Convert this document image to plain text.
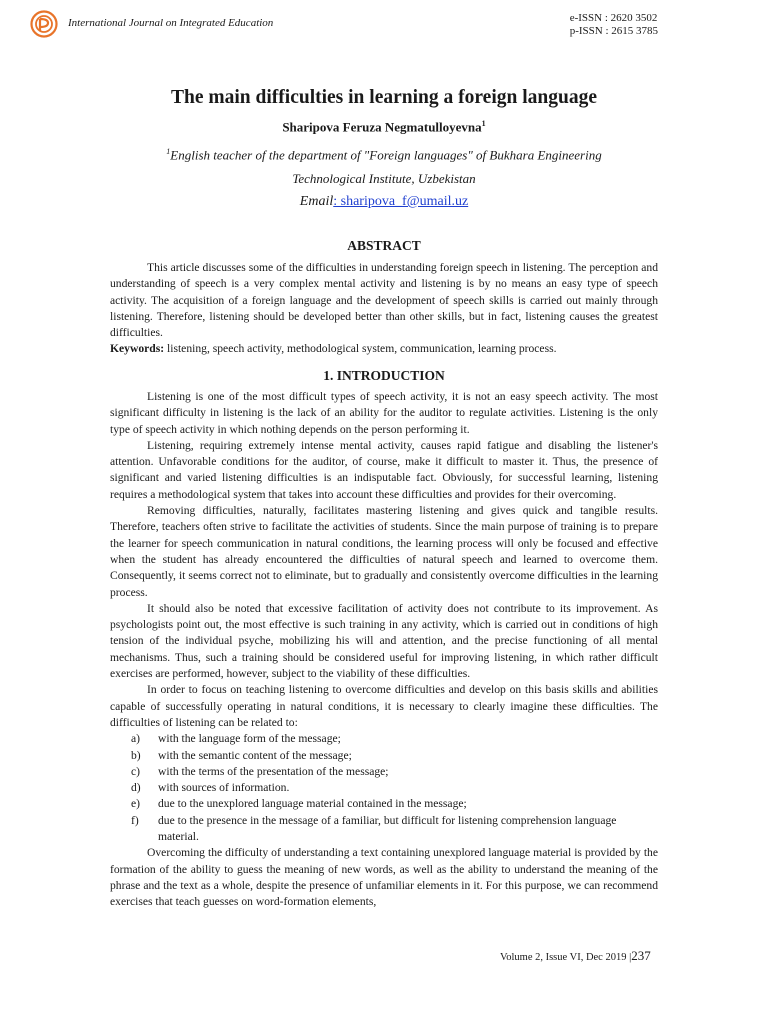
International Journal on Integrated Education	e-ISSN : 2620 3502
p-ISSN : 2615 3785
The main difficulties in learning a foreign language
Sharipova Feruza Negmatulloyevna$^1$
$^1$English teacher of the department of "Foreign languages" of Bukhara Engineering
Technological Institute, Uzbekistan
Email: sharipova_f@umail.uz
ABSTRACT

This article discusses some of the difficulties in understanding foreign speech in listening. The perception and understanding of speech is a very complex mental activity and listening is by no means an easy type of speech activity. The acquisition of a foreign language and the development of speech skills is carried out mainly through listening. Therefore, listening should be developed better than other skills, but in fact, listening causes the greatest difficulties.

Keywords: listening, speech activity, methodological system, communication, learning process.

1. INTRODUCTION

Listening is one of the most difficult types of speech activity, it is not an easy speech activity. The most significant difficulty in listening is the lack of an ability for the auditor to regulate activities. Listening is the only type of speech activity in which nothing depends on the person performing it.

Listening, requiring extremely intense mental activity, causes rapid fatigue and disabling the listener's attention. Unfavorable conditions for the auditor, of course, make it difficult to master it. Thus, the presence of significant and varied listening difficulties is an indisputable fact. Obviously, for successful learning, listening requires a methodological system that takes into account these difficulties and provides for their overcoming.

Removing difficulties, naturally, facilitates mastering listening and gives quick and tangible results. Therefore, teachers often strive to facilitate the activities of students. Since the main purpose of training is to prepare the learner for speech communication in natural conditions, the learning process will only be focused and effective when the student has already encountered the difficulties of natural speech and learned to overcome them. Consequently, it seems correct not to eliminate, but to gradually and consistently overcome difficulties in the learning process.

It should also be noted that excessive facilitation of activity does not contribute to its improvement. As psychologists point out, the most effective is such training in any activity, which is carried out in conditions of high tension of the individual psyche, mobilizing his will and attention, and the precise functioning of all mental mechanisms. Thus, such a training should be considered useful for improving listening, in which rather difficult exercises are performed, however, subject to the viability of these difficulties.

In order to focus on teaching listening to overcome difficulties and develop on this basis skills and abilities capable of successfully operating in natural conditions, it is necessary to clearly imagine these difficulties. The difficulties of listening can be related to:

a) with the language form of the message;
b) with the semantic content of the message;
c) with the terms of the presentation of the message;
d) with sources of information.
e) due to the unexplored language material contained in the message;
f) due to the presence in the message of a familiar, but difficult for listening comprehension language material.

Overcoming the difficulty of understanding a text containing unexplored language material is provided by the formation of the ability to guess the meaning of new words, as well as the ability to understand the meaning of the phrase and the text as a whole, despite the presence of unfamiliar elements in it. For this purpose, we can recommend exercises that teach guesses on word-formation elements,

Volume 2, Issue VI, Dec 2019 |237
